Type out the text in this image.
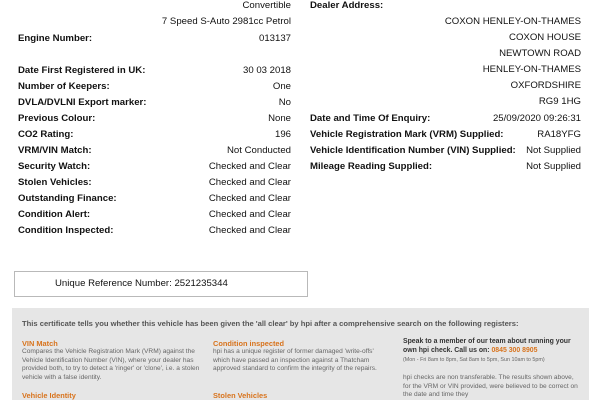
Convertible
7 Speed S-Auto 2981cc Petrol
Engine Number:	013137
Date First Registered in UK:	30 03 2018
Number of Keepers:	One
DVLA/DVLNI Export marker:	No
Previous Colour:	None
CO2 Rating:	196
VRM/VIN Match:	Not Conducted
Security Watch:	Checked and Clear
Stolen Vehicles:	Checked and Clear
Outstanding Finance:	Checked and Clear
Condition Alert:	Checked and Clear
Condition Inspected:	Checked and Clear
Dealer Address:
COXON HENLEY-ON-THAMES
COXON HOUSE
NEWTOWN ROAD
HENLEY-ON-THAMES
OXFORDSHIRE
RG9 1HG
Date and Time Of Enquiry:	25/09/2020 09:26:31
Vehicle Registration Mark (VRM) Supplied:	RA18YFG
Vehicle Identification Number (VIN) Supplied: Not Supplied
Mileage Reading Supplied:	Not Supplied
Unique Reference Number: 2521235344
This certificate tells you whether this vehicle has been given the 'all clear' by hpi after a comprehensive search on the following registers:
VIN Match
Compares the Vehicle Registration Mark (VRM) against the Vehicle Identification Number (VIN), where your dealer has provided both, to try to detect a 'ringer' or 'clone', i.e. a stolen vehicle with a false identity.
Vehicle Identity
Condition inspected
hpi has a unique register of former damaged 'write-offs' which have passed an inspection against a Thatcham approved standard to confirm the integrity of the repairs.
Stolen Vehicles
Speak to a member of our team about running your own hpi check. Call us on: 0845 300 8905
(Mon - Fri 8am to 8pm, Sat 8am to 5pm, Sun 10am to 5pm)
hpi checks are non transferable. The results shown above, for the VRM or VIN provided, were believed to be correct on the date and time they
